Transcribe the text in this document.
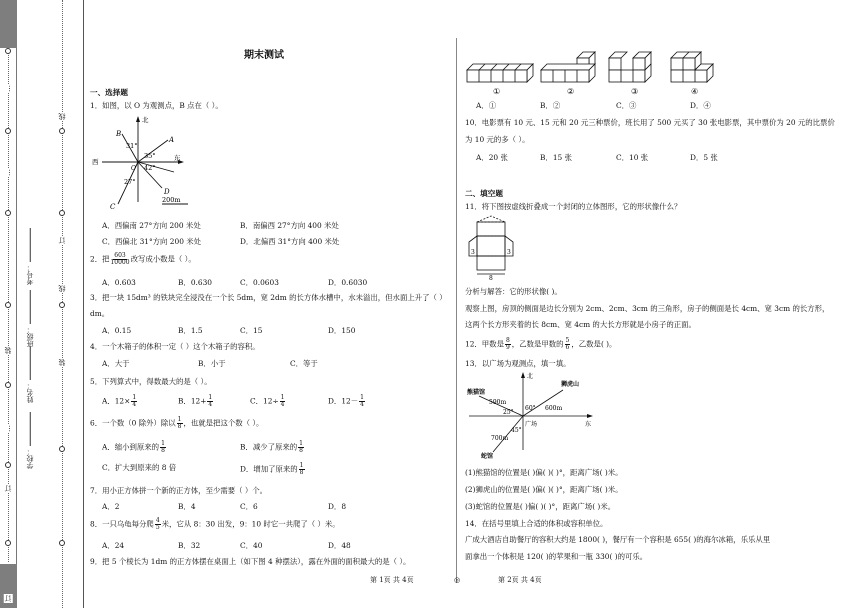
…
…
装
…
订
订
考号：
班级：
姓名：
学校：
线
订
线
装
期末测试
一、选择题
1．如图，以 O 为观测点，B 点在（ ）。
北
西	东
B
A
O
31°
35°
42°
27°
C
D
200m
A．西偏南 27°方向 200 米处	B．南偏西 27°方向 400 米处
C．西偏北 31°方向 200 米处	D．北偏西 31°方向 400 米处
2．把 $\frac{603}{10000}$ 改写成小数是（ ）。
A．0.603	B．0.630	C．0.0603	D．0.6030
3．把一块 15dm³ 的铁块完全浸没在一个长 5dm，宽 2dm 的长方体水槽中，水未溢出，但水面上升了（ ）
dm。
A．0.15	B．1.5	C．15	D．150
4．一个木箱子的体积一定（ ）这个木箱子的容积。
A．大于	B．小于	C．等于
5．下列算式中，得数最大的是（ ）。
A．$12\times \frac{1}{4}$	B．$12+ \frac{1}{4}$	C．$12\div \frac{1}{4}$	D．$12- \frac{1}{4}$
6．一个数（0 除外）除以 $\frac{1}{8}$ ，也就是把这个数（ ）。
A．缩小到原来的 $\frac{1}{8}$	B．减少了原来的 $\frac{1}{8}$
C．扩大到原来的 8 倍	D．增加了原来的 $\frac{1}{8}$
7．用小正方体拼一个新的正方体，至少需要（ ）个。
A．2	B．4	C．6	D．8
8．一只乌龟每分爬 $\frac{4}{5}$ 米，它从 8：30 出发，9：10 时它一共爬了（ ）米。
A．24	B．32	C．40	D．48
9．把 5 个棱长为 1dm 的正方体摆在桌面上（如下图 4 种摆法），露在外面的面积最大的是（ ）。
①	②	③	④
A．①	B．②	C．③	D．④
10．电影票有 10 元、15 元和 20 元三种票价，班长用了 500 元买了 30 张电影票，其中票价为 20 元的比票价
为 10 元的多（ ）。
A．20 张	B．15 张	C．10 张	D．5 张
二、填空题
11．将下图按虚线折叠成一个封闭的立体图形，它的形状像什么？
3	3
8
分析与解答：它的形状像( )。
观察上图，房顶的侧面是边长分别为 2cm、2cm、3cm 的三角形，房子的侧面是长 4cm、宽 3cm 的长方形，
这两个长方形夹着的长 8cm、宽 4cm 的大长方形就是小房子的正面。
12．甲数是 $\frac{8}{9}$ ，乙数是甲数的 $\frac{5}{6}$ ，乙数是( )。
13．以广场为观测点，填一填。
北
东
熊猫馆
狮虎山
蛇馆
广场
590m
600m
700m
60°
25°
45°
(1)熊猫馆的位置是( )偏( )( )°，距离广场( )米。
(2)狮虎山的位置是( )偏( )( )°，距离广场( )米。
(3)蛇馆的位置是( )偏( )( )°，距离广场( )米。
14．在括号里填上合适的体积或容积单位。
广成大酒店自助餐厅的容积大约是 1800( )，餐厅有一个容积是 655( )的海尔冰箱，乐乐从里
面拿出一个体积是 120( )的苹果和一瓶 330( )的可乐。
第 1页 共 4页	◎	第 2页 共 4页
